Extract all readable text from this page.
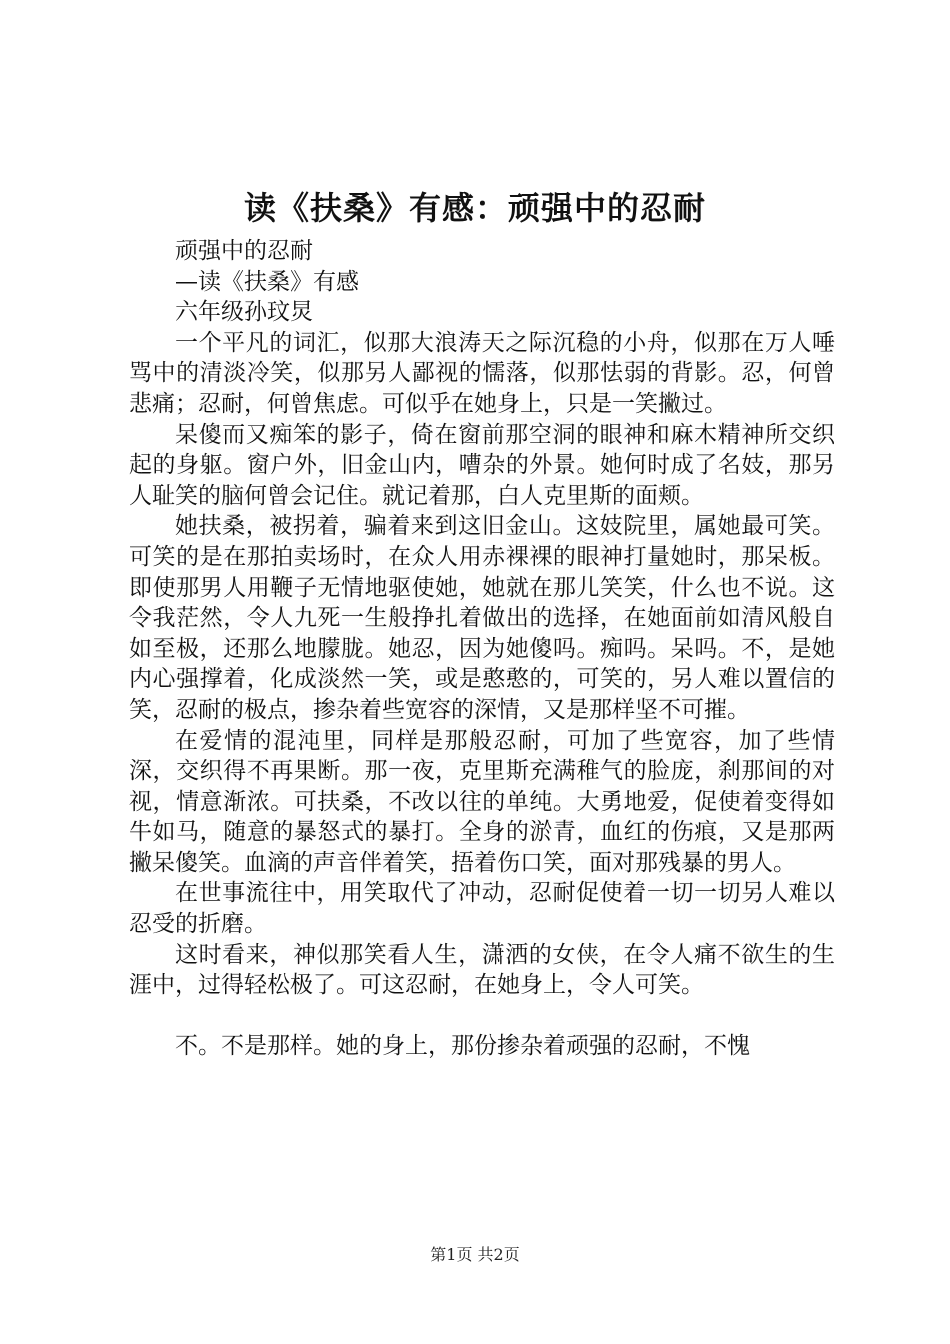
读《扶桑》有感：顽强中的忍耐

顽强中的忍耐

—读《扶桑》有感

六年级孙玟炅

一个平凡的词汇，似那大浪涛天之际沉稳的小舟，似那在万人唾骂中的清淡冷笑，似那另人鄙视的懦落，似那怯弱的背影。忍，何曾悲痛；忍耐，何曾焦虑。可似乎在她身上，只是一笑撇过。

呆傻而又痴笨的影子，倚在窗前那空洞的眼神和麻木精神所交织起的身躯。窗户外，旧金山内，嘈杂的外景。她何时成了名妓，那另人耻笑的脑何曾会记住。就记着那，白人克里斯的面颊。

她扶桑，被拐着，骗着来到这旧金山。这妓院里，属她最可笑。可笑的是在那拍卖场时，在众人用赤裸裸的眼神打量她时，那呆板。即使那男人用鞭子无情地驱使她，她就在那儿笑笑，什么也不说。这令我茫然，令人九死一生般挣扎着做出的选择，在她面前如清风般自如至极，还那么地朦胧。她忍，因为她傻吗。痴吗。呆吗。不，是她内心强撑着，化成淡然一笑，或是憨憨的，可笑的，另人难以置信的笑，忍耐的极点，掺杂着些宽容的深情，又是那样坚不可摧。

在爱情的混沌里，同样是那般忍耐，可加了些宽容，加了些情深，交织得不再果断。那一夜，克里斯充满稚气的脸庞，刹那间的对视，情意渐浓。可扶桑，不改以往的单纯。大勇地爱，促使着变得如牛如马，随意的暴怒式的暴打。全身的淤青，血红的伤痕，又是那两撇呆傻笑。血滴的声音伴着笑，捂着伤口笑，面对那残暴的男人。

在世事流往中，用笑取代了冲动，忍耐促使着一切一切另人难以忍受的折磨。

这时看来，神似那笑看人生，潇洒的女侠，在令人痛不欲生的生涯中，过得轻松极了。可这忍耐，在她身上，令人可笑。

不。不是那样。她的身上，那份掺杂着顽强的忍耐，不愧

第1页 共2页
